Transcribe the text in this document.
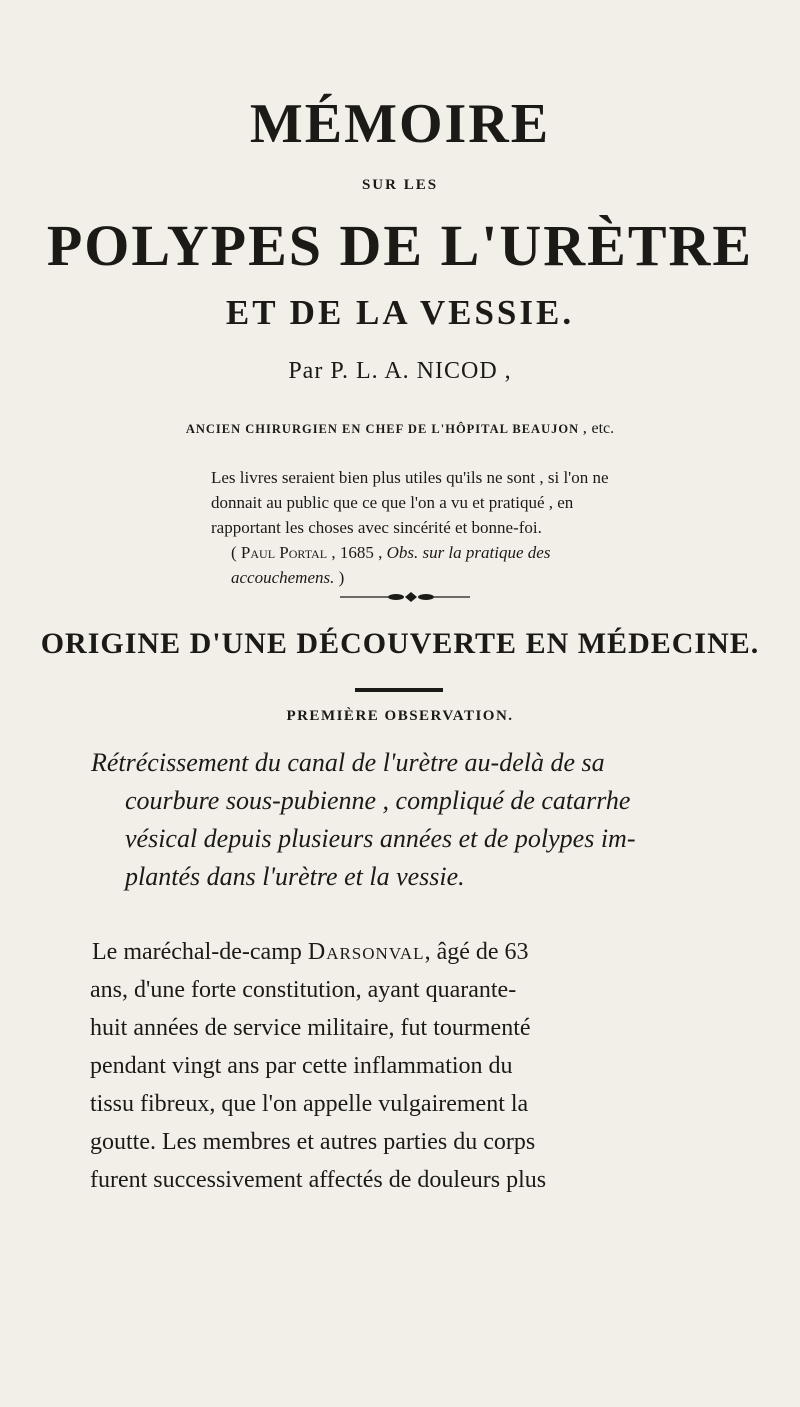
MÉMOIRE
SUR LES
POLYPES DE L'URÈTRE
ET DE LA VESSIE.
Par P. L. A. NICOD ,
ANCIEN CHIRURGIEN EN CHEF DE L'HÔPITAL BEAUJON , etc.
Les livres seraient bien plus utiles qu'ils ne sont , si l'on ne
donnait au public que ce que l'on a vu et pratiqué , en
rapportant les choses avec sincérité et bonne-foi.
( Paul Portal , 1685 , Obs. sur la pratique des
accouchemens. )
ORIGINE D'UNE DÉCOUVERTE EN MÉDECINE.
PREMIÈRE OBSERVATION.
Rétrécissement du canal de l'urètre au-delà de sa
courbure sous-pubienne , compliqué de catarrhe
vésical depuis plusieurs années et de polypes im-
plantés dans l'urètre et la vessie.
Le maréchal-de-camp Darsonval, âgé de 63
ans, d'une forte constitution, ayant quarante-
huit années de service militaire, fut tourmenté
pendant vingt ans par cette inflammation du
tissu fibreux, que l'on appelle vulgairement la
goutte. Les membres et autres parties du corps
furent successivement affectés de douleurs plus
